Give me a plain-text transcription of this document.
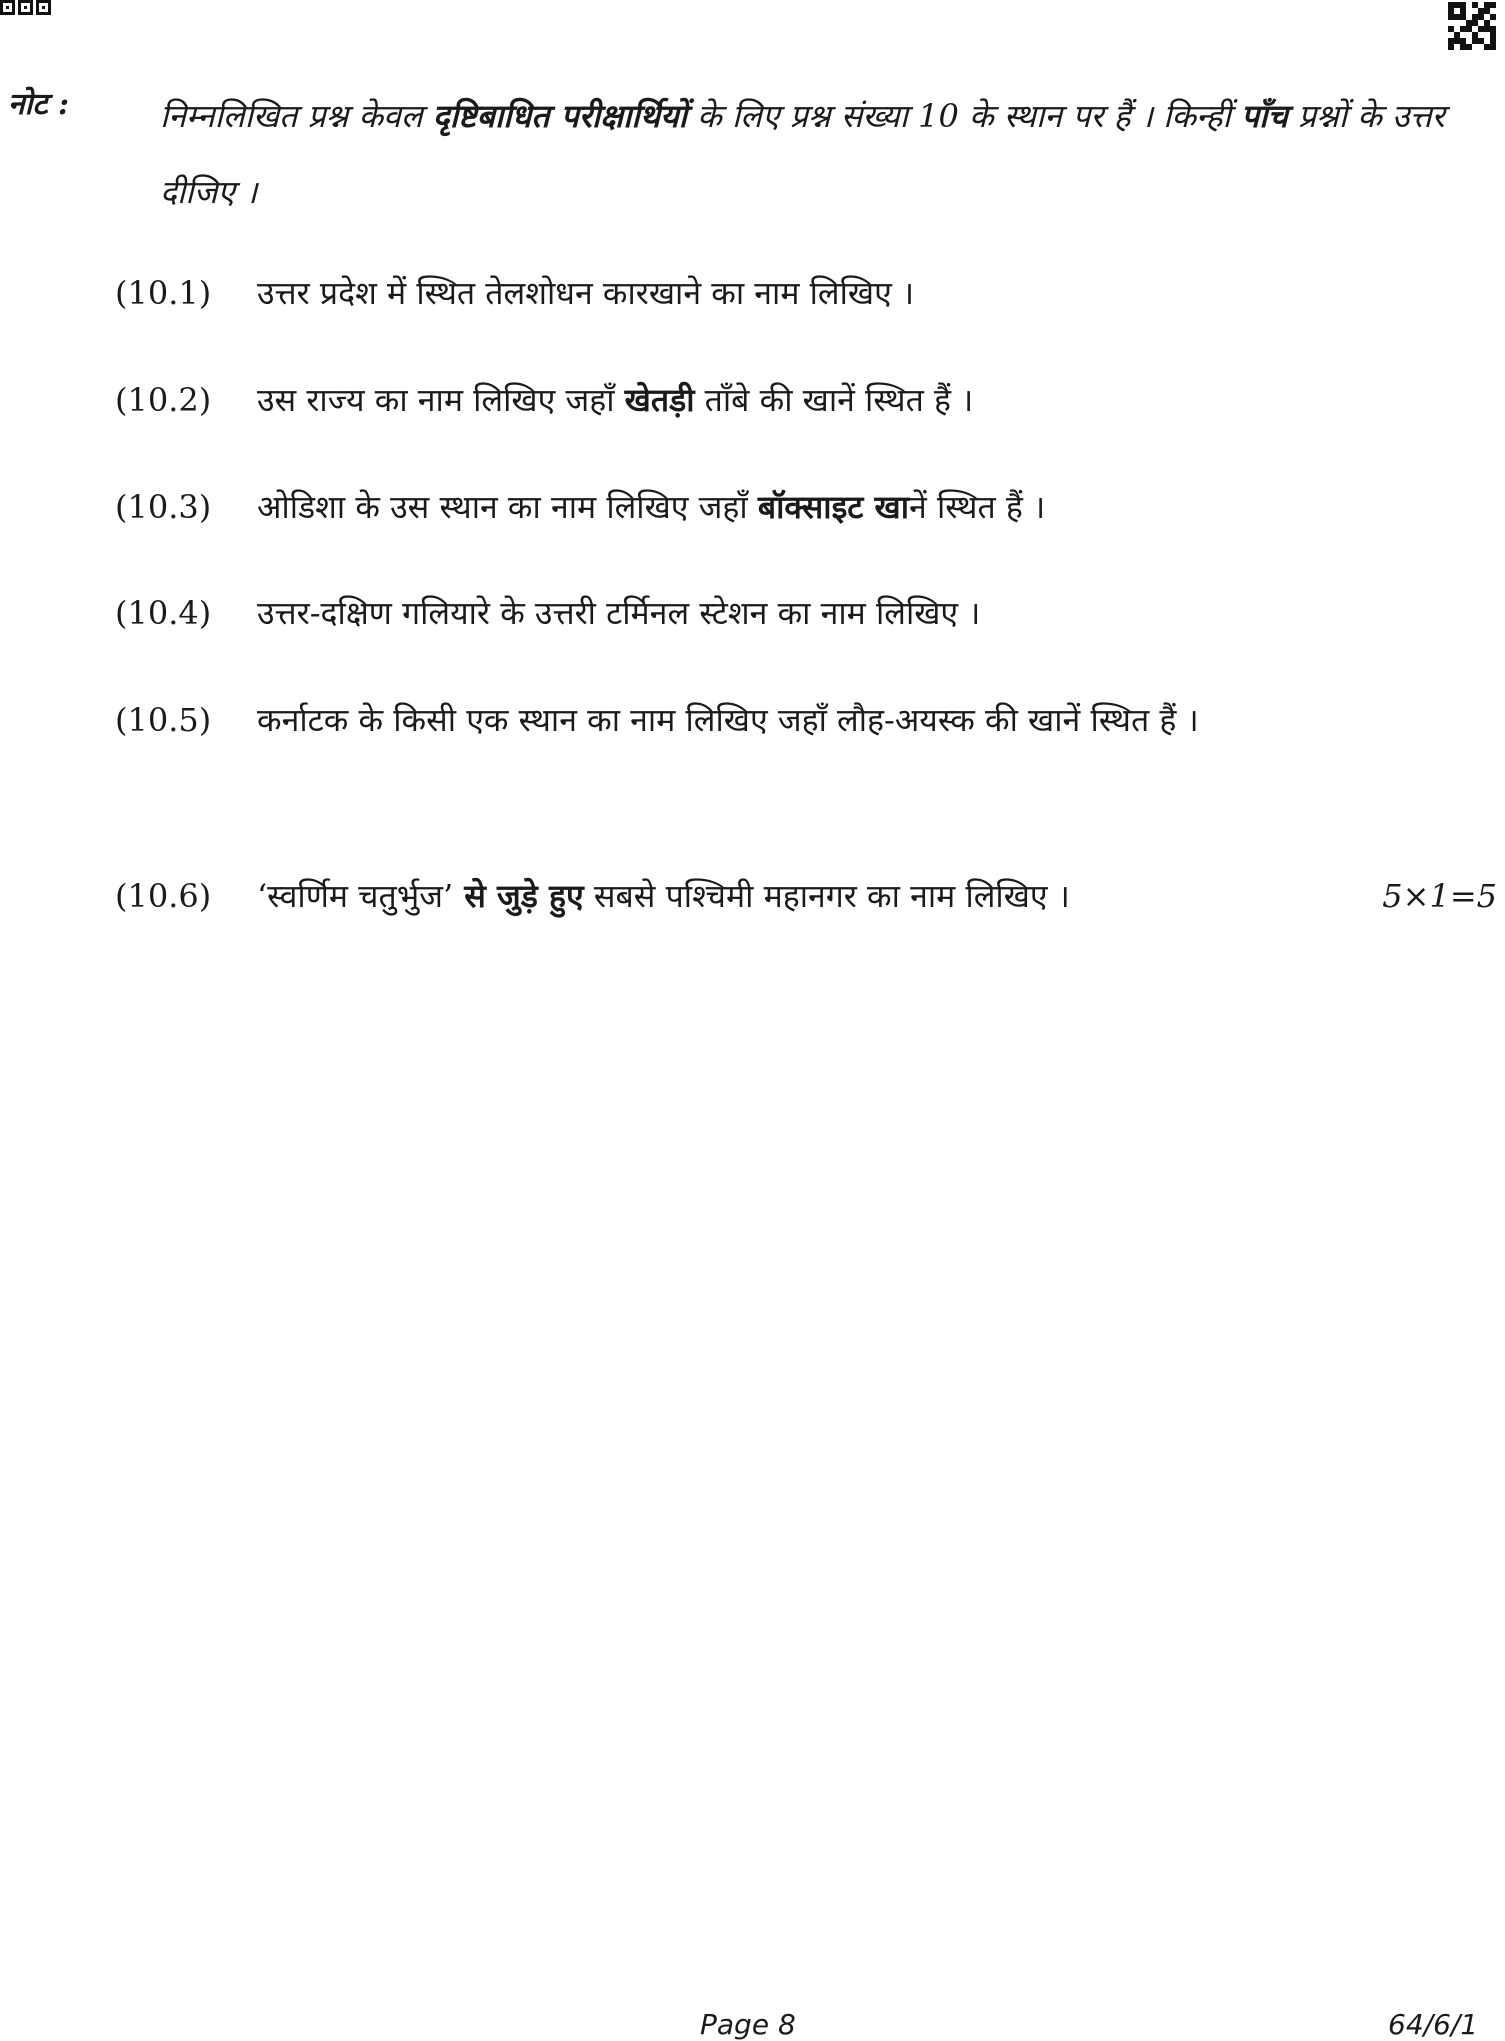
नोट :	निम्नलिखित प्रश्न केवल दृष्टिबाधित परीक्षार्थियों के लिए प्रश्न संख्या 10 के स्थान पर हैं । किन्हीं पाँच प्रश्नों के उत्तर दीजिए ।
(10.1)	उत्तर प्रदेश में स्थित तेलशोधन कारखाने का नाम लिखिए ।
(10.2)	उस राज्य का नाम लिखिए जहाँ खेतड़ी ताँबे की खानें स्थित हैं ।
(10.3)	ओडिशा के उस स्थान का नाम लिखिए जहाँ बॉक्साइट खानें स्थित हैं ।
(10.4)	उत्तर-दक्षिण गलियारे के उत्तरी टर्मिनल स्टेशन का नाम लिखिए ।
(10.5)	कर्नाटक के किसी एक स्थान का नाम लिखिए जहाँ लौह-अयस्क की खानें स्थित हैं ।
(10.6)	‘स्वर्णिम चतुर्भुज’ से जुड़े हुए सबसे पश्चिमी महानगर का नाम लिखिए ।	5×1=5
Page 8	64/6/1
